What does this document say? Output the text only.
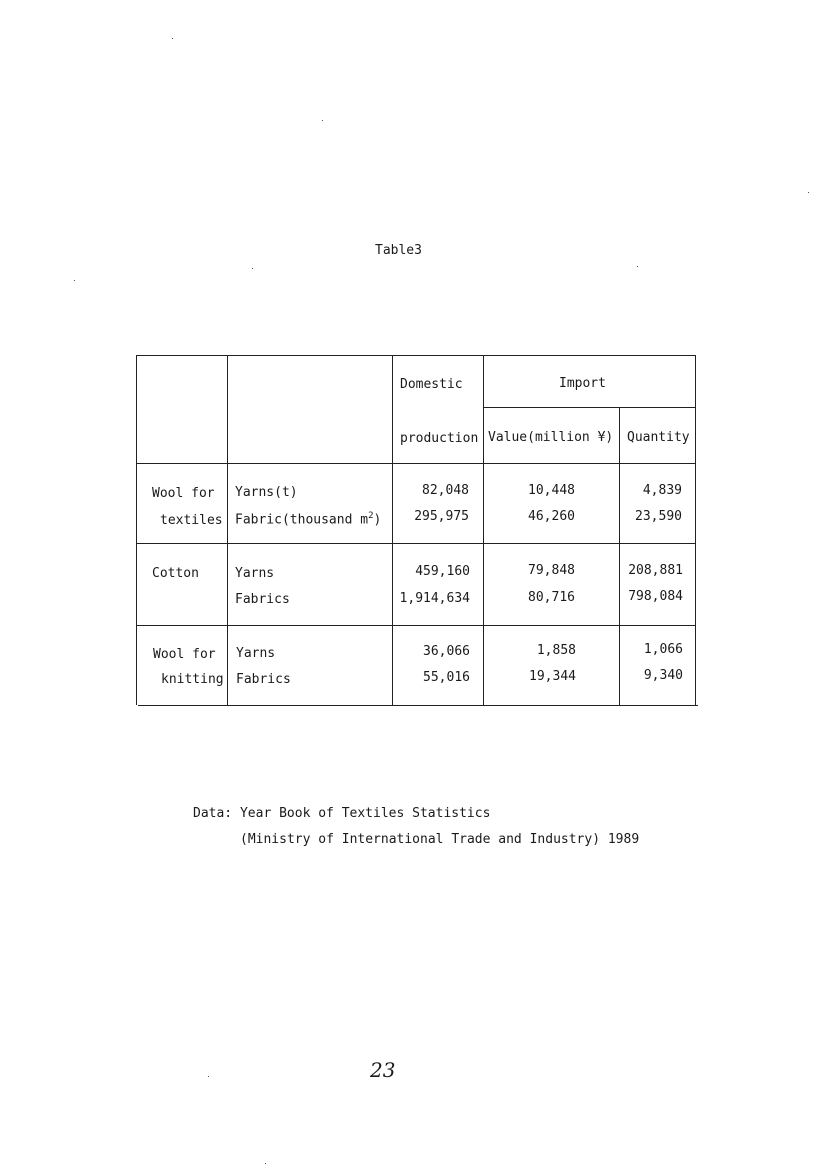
Table3
Domestic
production
Import
Value(million ¥) Quantity
Wool for
textiles
Yarns(t)
Fabric(thousand $m^2$)
82,048
295,975
10,448
46,260
4,839
23,590
Cotton	Yarns
Fabrics
459,160
1,914,634
79,848
80,716
208,881
798,084
Wool for
knitting
Yarns
Fabrics
36,066
55,016
1,858
19,344
1,066
9,340
Data: Year Book of Textiles Statistics
(Ministry of International Trade and Industry) 1989
23
